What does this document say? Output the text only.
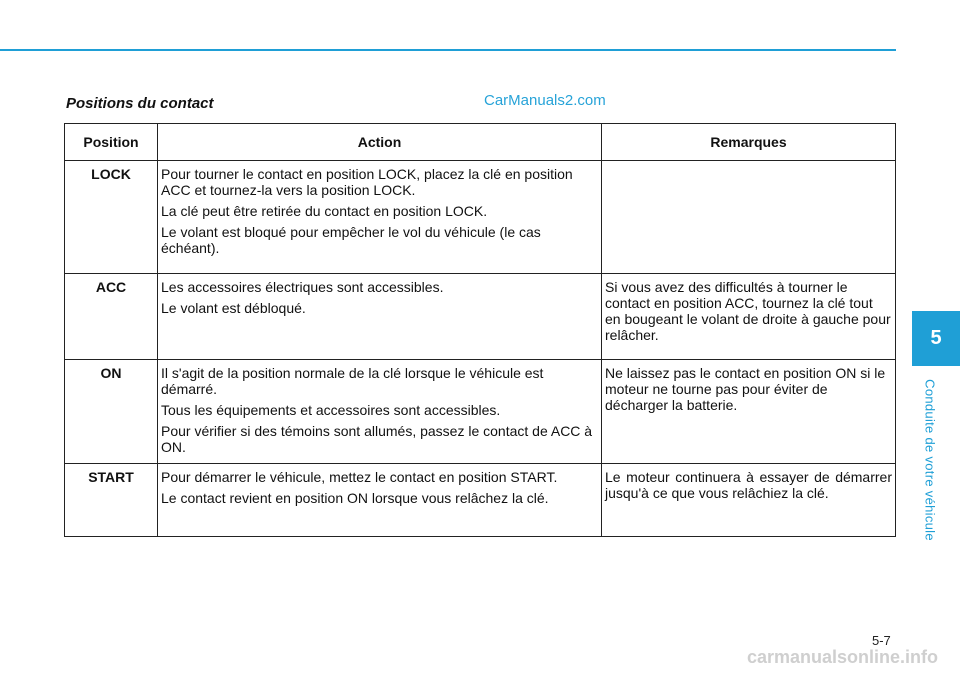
Positions du contact	CarManuals2.com
5
Conduite de votre véhicule
Position	Action	Remarques
LOCK	Pour tourner le contact en position LOCK, placez la clé en position ACC et tournez-la vers la position LOCK.

La clé peut être retirée du contact en position LOCK.

Le volant est bloqué pour empêcher le vol du véhicule (le cas échéant).	

ACC	Les accessoires électriques sont accessibles.

Le volant est débloqué.	Si vous avez des difficultés à tourner le contact en position ACC, tournez la clé tout en bougeant le volant de droite à gauche pour relâcher.
ON	Il s'agit de la position normale de la clé lorsque le véhicule est démarré.

Tous les équipements et accessoires sont accessibles.

Pour vérifier si des témoins sont allumés, passez le contact de ACC à ON.	Ne laissez pas le contact en position ON si le moteur ne tourne pas pour éviter de décharger la batterie.
START	Pour démarrer le véhicule, mettez le contact en position START.

Le contact revient en position ON lorsque vous relâchez la clé.	Le moteur continuera à essayer de démarrer jusqu'à ce que vous relâchiez la clé.
5-7
carmanualsonline.info
